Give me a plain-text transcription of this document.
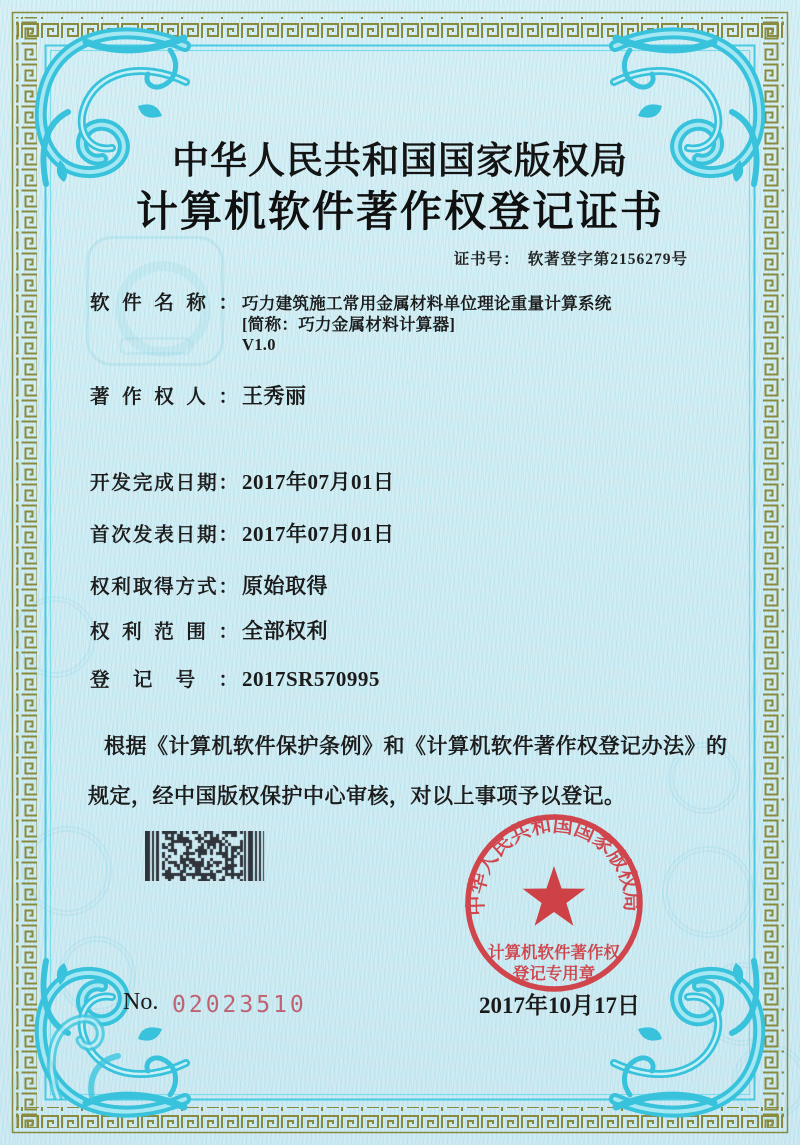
中华人民共和国国家版权局
计算机软件著作权登记证书
证书号： 软著登字第2156279号
软件名称： 巧力建筑施工常用金属材料单位理论重量计算系统
[简称：巧力金属材料计算器]
V1.0
著作权人： 王秀丽
开发完成日期： 2017年07月01日
首次发表日期： 2017年07月01日
权利取得方式： 原始取得
权利范围： 全部权利
登记号： 2017SR570995
根据《计算机软件保护条例》和《计算机软件著作权登记办法》的
规定，经中国版权保护中心审核，对以上事项予以登记。
中华人民共和国国家版权局
计算机软件著作权
登记专用章
No. 02023510	2017年10月17日
